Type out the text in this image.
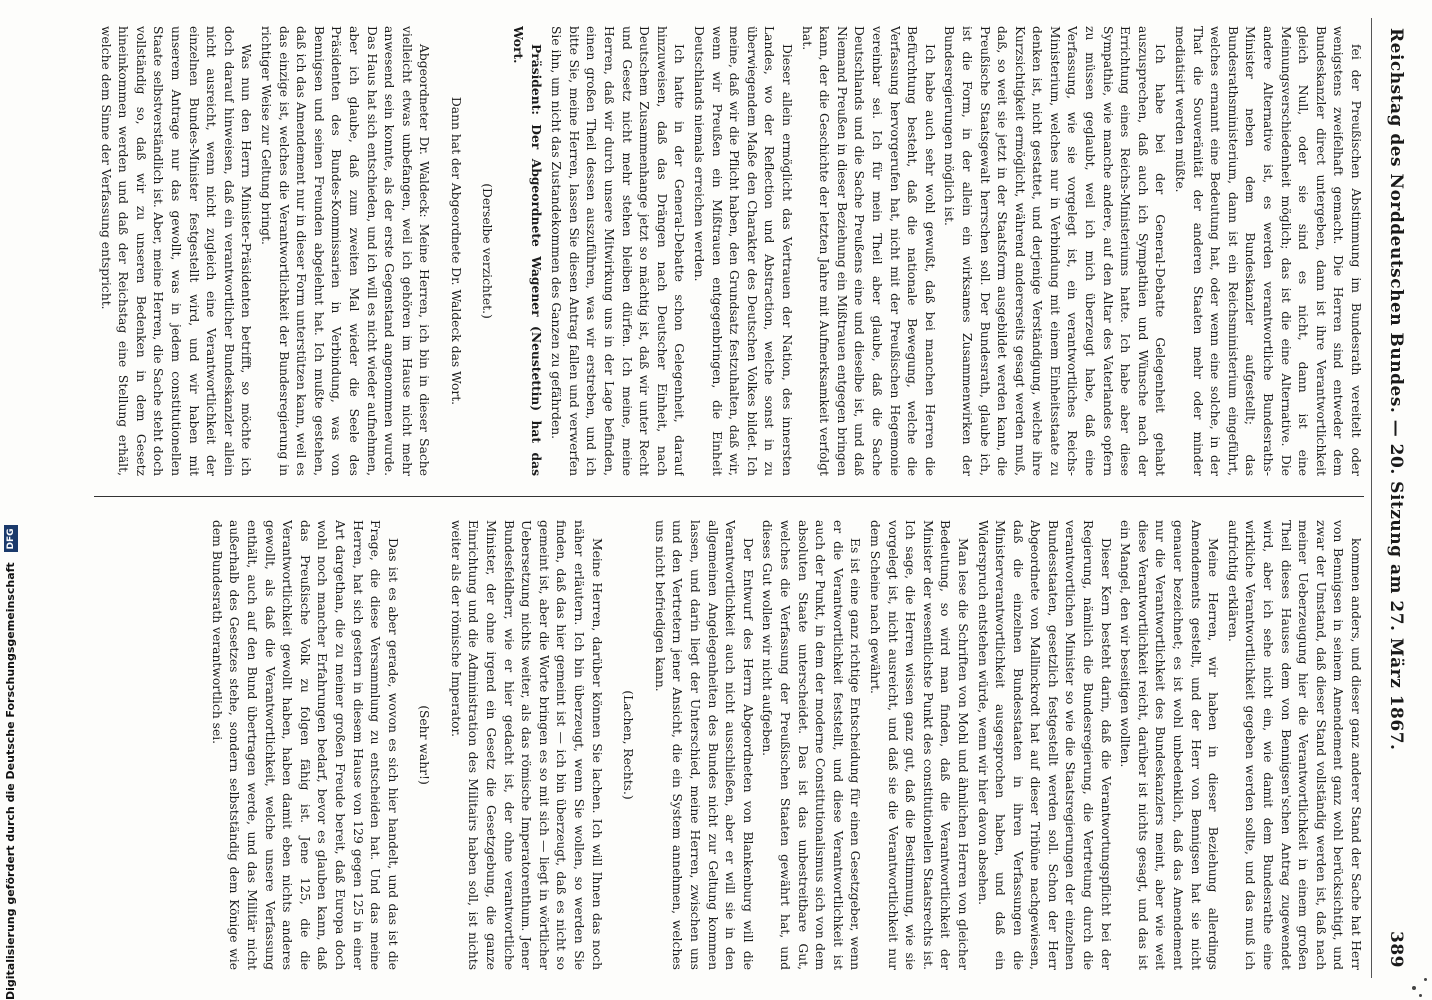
Reichstag des Norddeutschen Bundes. — 20. Sitzung am 27. März 1867.
389

fei der Preußischen Abstimmung im Bundesrath vereitelt oder wenigstens zweifelhaft gemacht. Die Herren sind entweder dem Bundeskanzler direct untergeben, dann ist ihre Verantwortlichkeit gleich Null, oder sie sind es nicht, dann ist eine Meinungsverschiedenheit möglich; das ist die eine Alternative. Die andere Alternative ist, es werden verantwortliche Bundesraths-Minister neben dem Bundeskanzler aufgestellt; das Bundesrathsministerium, dann ist ein Reichsministerium eingeführt, welches ernannt eine Bedeutung hat, oder wenn eine solche, in der That die Souveränität der anderen Staaten mehr oder minder mediatisirt werden müßte.

Ich habe bei der General-Debatte Gelegenheit gehabt auszusprechen, daß auch ich Sympathien und Wünsche nach der Errichtung eines Reichs-Ministeriums hatte. Ich habe aber diese Sympathie, wie manche andere, auf den Altar des Vaterlandes opfern zu müssen geglaubt, weil ich mich überzeugt habe, daß eine Verfassung, wie sie vorgelegt ist, ein verantwortliches Reichs-Ministerium, welches nur in Verbindung mit einem Einheitsstaate zu denken ist, nicht gestattet, und derjenige Verständigung, welche ihre Kurzsichtigkeit ermöglicht, während andererseits gesagt werden muß, daß, so weit sie jetzt in der Staatsform ausgebildet werden kann, die Preußische Staatsgewalt herrschen soll. Der Bundesrath, glaube ich, ist die Form, in der allein ein wirksames Zusammenwirken der Bundesregierungen möglich ist.

Ich habe auch sehr wohl gewußt, daß bei manchen Herren die Befürchtung besteht, daß die nationale Bewegung, welche die Verfassung hervorgerufen hat, nicht mit der Preußischen Hegemonie vereinbar sei. Ich für mein Theil aber glaube, daß die Sache Deutschlands und die Sache Preußens eine und dieselbe ist, und daß Niemand Preußen in dieser Beziehung ein Mißtrauen entgegen bringen kann, der die Geschichte der letzten Jahre mit Aufmerksamkeit verfolgt hat.

Dieser allein ermöglicht das Vertrauen der Nation, des innersten Landes, wo der Reflection und Abstraction, welche sonst in zu überwiegendem Maße den Charakter des Deutschen Volkes bildet. Ich meine, daß wir die Pflicht haben, den Grundsatz festzuhalten, daß wir, wenn wir Preußen ein Mißtrauen entgegenbringen, die Einheit Deutschlands niemals erreichen werden.

Ich hatte in der General-Debatte schon Gelegenheit, darauf hinzuweisen, daß das Drängen nach Deutscher Einheit, nach Deutschem Zusammenhange jetzt so mächtig ist, daß wir unter Recht und Gesetz nicht mehr stehen bleiben dürfen. Ich meine, meine Herren, daß wir durch unsere Mitwirkung uns in der Lage befinden, einen großen Theil dessen auszuführen, was wir erstreben, und ich bitte Sie, meine Herren, lassen Sie diesen Antrag fallen und verwerfen Sie ihn, um nicht das Zustandekommen des Ganzen zu gefährden.

Präsident: Der Abgeordnete Wagener (Neustettin) hat das Wort.

(Derselbe verzichtet.)

Dann hat der Abgeordnete Dr. Waldeck das Wort.

Abgeordneter Dr. Waldeck: Meine Herren, ich bin in dieser Sache vielleicht etwas unbefangen, weil ich gehören im Hause nicht mehr anwesend sein konnte, als der erste Gegenstand angenommen wurde. Das Haus hat sich entschieden, und ich will es nicht wieder aufnehmen, aber ich glaube, daß zum zweiten Mal wieder die Seele des Präsidenten des Bundes-Kommissarien in Verbindung, was von Bennigsen und seinen Freunden abgelehnt hat. Ich mußte gestehen, daß ich das Amendement nur in dieser Form unterstützen kann, weil es das einzige ist, welches die Verantwortlichkeit der Bundesregierung in richtiger Weise zur Geltung bringt.

Was nun den Herrn Minister-Präsidenten betrifft, so möchte ich doch darauf hinweisen, daß ein verantwortlicher Bundeskanzler allein nicht ausreicht, wenn nicht zugleich eine Verantwortlichkeit der einzelnen Bundes-Minister festgestellt wird, und wir haben mit unserem Antrage nur das gewollt, was in jedem constitutionellen Staate selbstverständlich ist. Aber, meine Herren, die Sache steht doch vollständig so, daß wir zu unseren Bedenken in dem Gesetz hineinkommen werden und daß der Reichstag eine Stellung erhält, welche dem Sinne der Verfassung entspricht.

kommen anders, und dieser ganz anderer Stand der Sache hat Herr von Bennigsen in seinem Amendement ganz wohl berücksichtigt, und zwar der Umstand, daß dieser Stand vollständig werden ist, daß nach meiner Ueberzeugung hier die Verantwortlichkeit in einem großen Theil dieses Hauses dem von Bennigsen'schen Antrag zugewendet wird, aber ich sehe nicht ein, wie damit dem Bundesrathe eine wirkliche Verantwortlichkeit gegeben werden sollte, und das muß ich aufrichtig erklären.

Meine Herren, wir haben in dieser Beziehung allerdings Amendements gestellt, und der Herr von Bennigsen hat sie nicht genauer bezeichnet; es ist wohl unbedenklich, daß das Amendement nur die Verantwortlichkeit des Bundeskanzlers meint, aber wie weit diese Verantwortlichkeit reicht, darüber ist nichts gesagt, und das ist ein Mangel, den wir beseitigen wollten.

Dieser Kern besteht darin, daß die Verantwortungspflicht bei der Regierung, nämlich die Bundesregierung, die Vertretung durch die verantwortlichen Minister so wie die Staatsregierungen der einzelnen Bundesstaaten, gesetzlich festgestellt werden soll. Schon der Herr Abgeordnete von Mallinckrodt hat auf dieser Tribüne nachgewiesen, daß die einzelnen Bundesstaaten in ihren Verfassungen die Ministerverantwortlichkeit ausgesprochen haben, und daß ein Widerspruch entstehen würde, wenn wir hier davon absehen.

Man lese die Schriften von Mohl und ähnlichen Herren von gleicher Bedeutung, so wird man finden, daß die Verantwortlichkeit der Minister der wesentlichste Punkt des constitutionellen Staatsrechts ist. Ich sage, die Herren wissen ganz gut, daß die Bestimmung, wie sie vorgelegt ist, nicht ausreicht, und daß sie die Verantwortlichkeit nur dem Scheine nach gewährt.

Es ist eine ganz richtige Entscheidung für einen Gesetzgeber, wenn er die Verantwortlichkeit feststellt, und diese Verantwortlichkeit ist auch der Punkt, in dem der moderne Constitutionalismus sich von dem absoluten Staate unterscheidet. Das ist das unbestreitbare Gut, welches die Verfassung der Preußischen Staaten gewährt hat, und dieses Gut wollen wir nicht aufgeben.

Der Entwurf des Herrn Abgeordneten von Blankenburg will die Verantwortlichkeit auch nicht ausschließen, aber er will sie in den allgemeinen Angelegenheiten des Bundes nicht zur Geltung kommen lassen, und darin liegt der Unterschied, meine Herren, zwischen uns und den Vertretern jener Ansicht, die ein System annehmen, welches uns nicht befriedigen kann.

(Lachen, Rechts.)

Meine Herren, darüber können Sie lachen. Ich will Ihnen das noch näher erläutern. Ich bin überzeugt, wenn Sie wollen, so werden Sie finden, daß das hier gemeint ist — ich bin überzeugt, daß es nicht so gemeint ist, aber die Worte bringen es so mit sich — liegt in wörtlicher Uebersetzung nichts weiter, als das römische Imperatorenthum. Jener Bundesfeldherr, wie er hier gedacht ist, der ohne verantwortliche Minister, der ohne irgend ein Gesetz die Gesetzgebung, die ganze Einrichtung und die Administration des Militairs haben soll, ist nichts weiter als der römische Imperator.

(Sehr wahr!)

Das ist es aber gerade, wovon es sich hier handelt, und das ist die Frage, die diese Versammlung zu entscheiden hat. Und das meine Herren, hat sich gestern in diesem Hause von 129 gegen 125 in einer Art dargethan, die zu meiner großen Freude bereit, daß Europa doch wohl noch mancher Erfahrungen bedarf, bevor es glauben kann, daß das Preußische Volk zu folgen fähig ist. Jene 125, die die Verantwortlichkeit gewollt haben, haben damit eben nichts anderes gewollt, als daß die Verantwortlichkeit, welche unsere Verfassung enthält, auch auf den Bund übertragen werde, und das Militär nicht außerhalb des Gesetzes stehe, sondern selbstständig dem Könige wie dem Bundesrath verantwortlich sei.

Digitalisierung gefördert durch die Deutsche Forschungsgemeinschaft DFG
